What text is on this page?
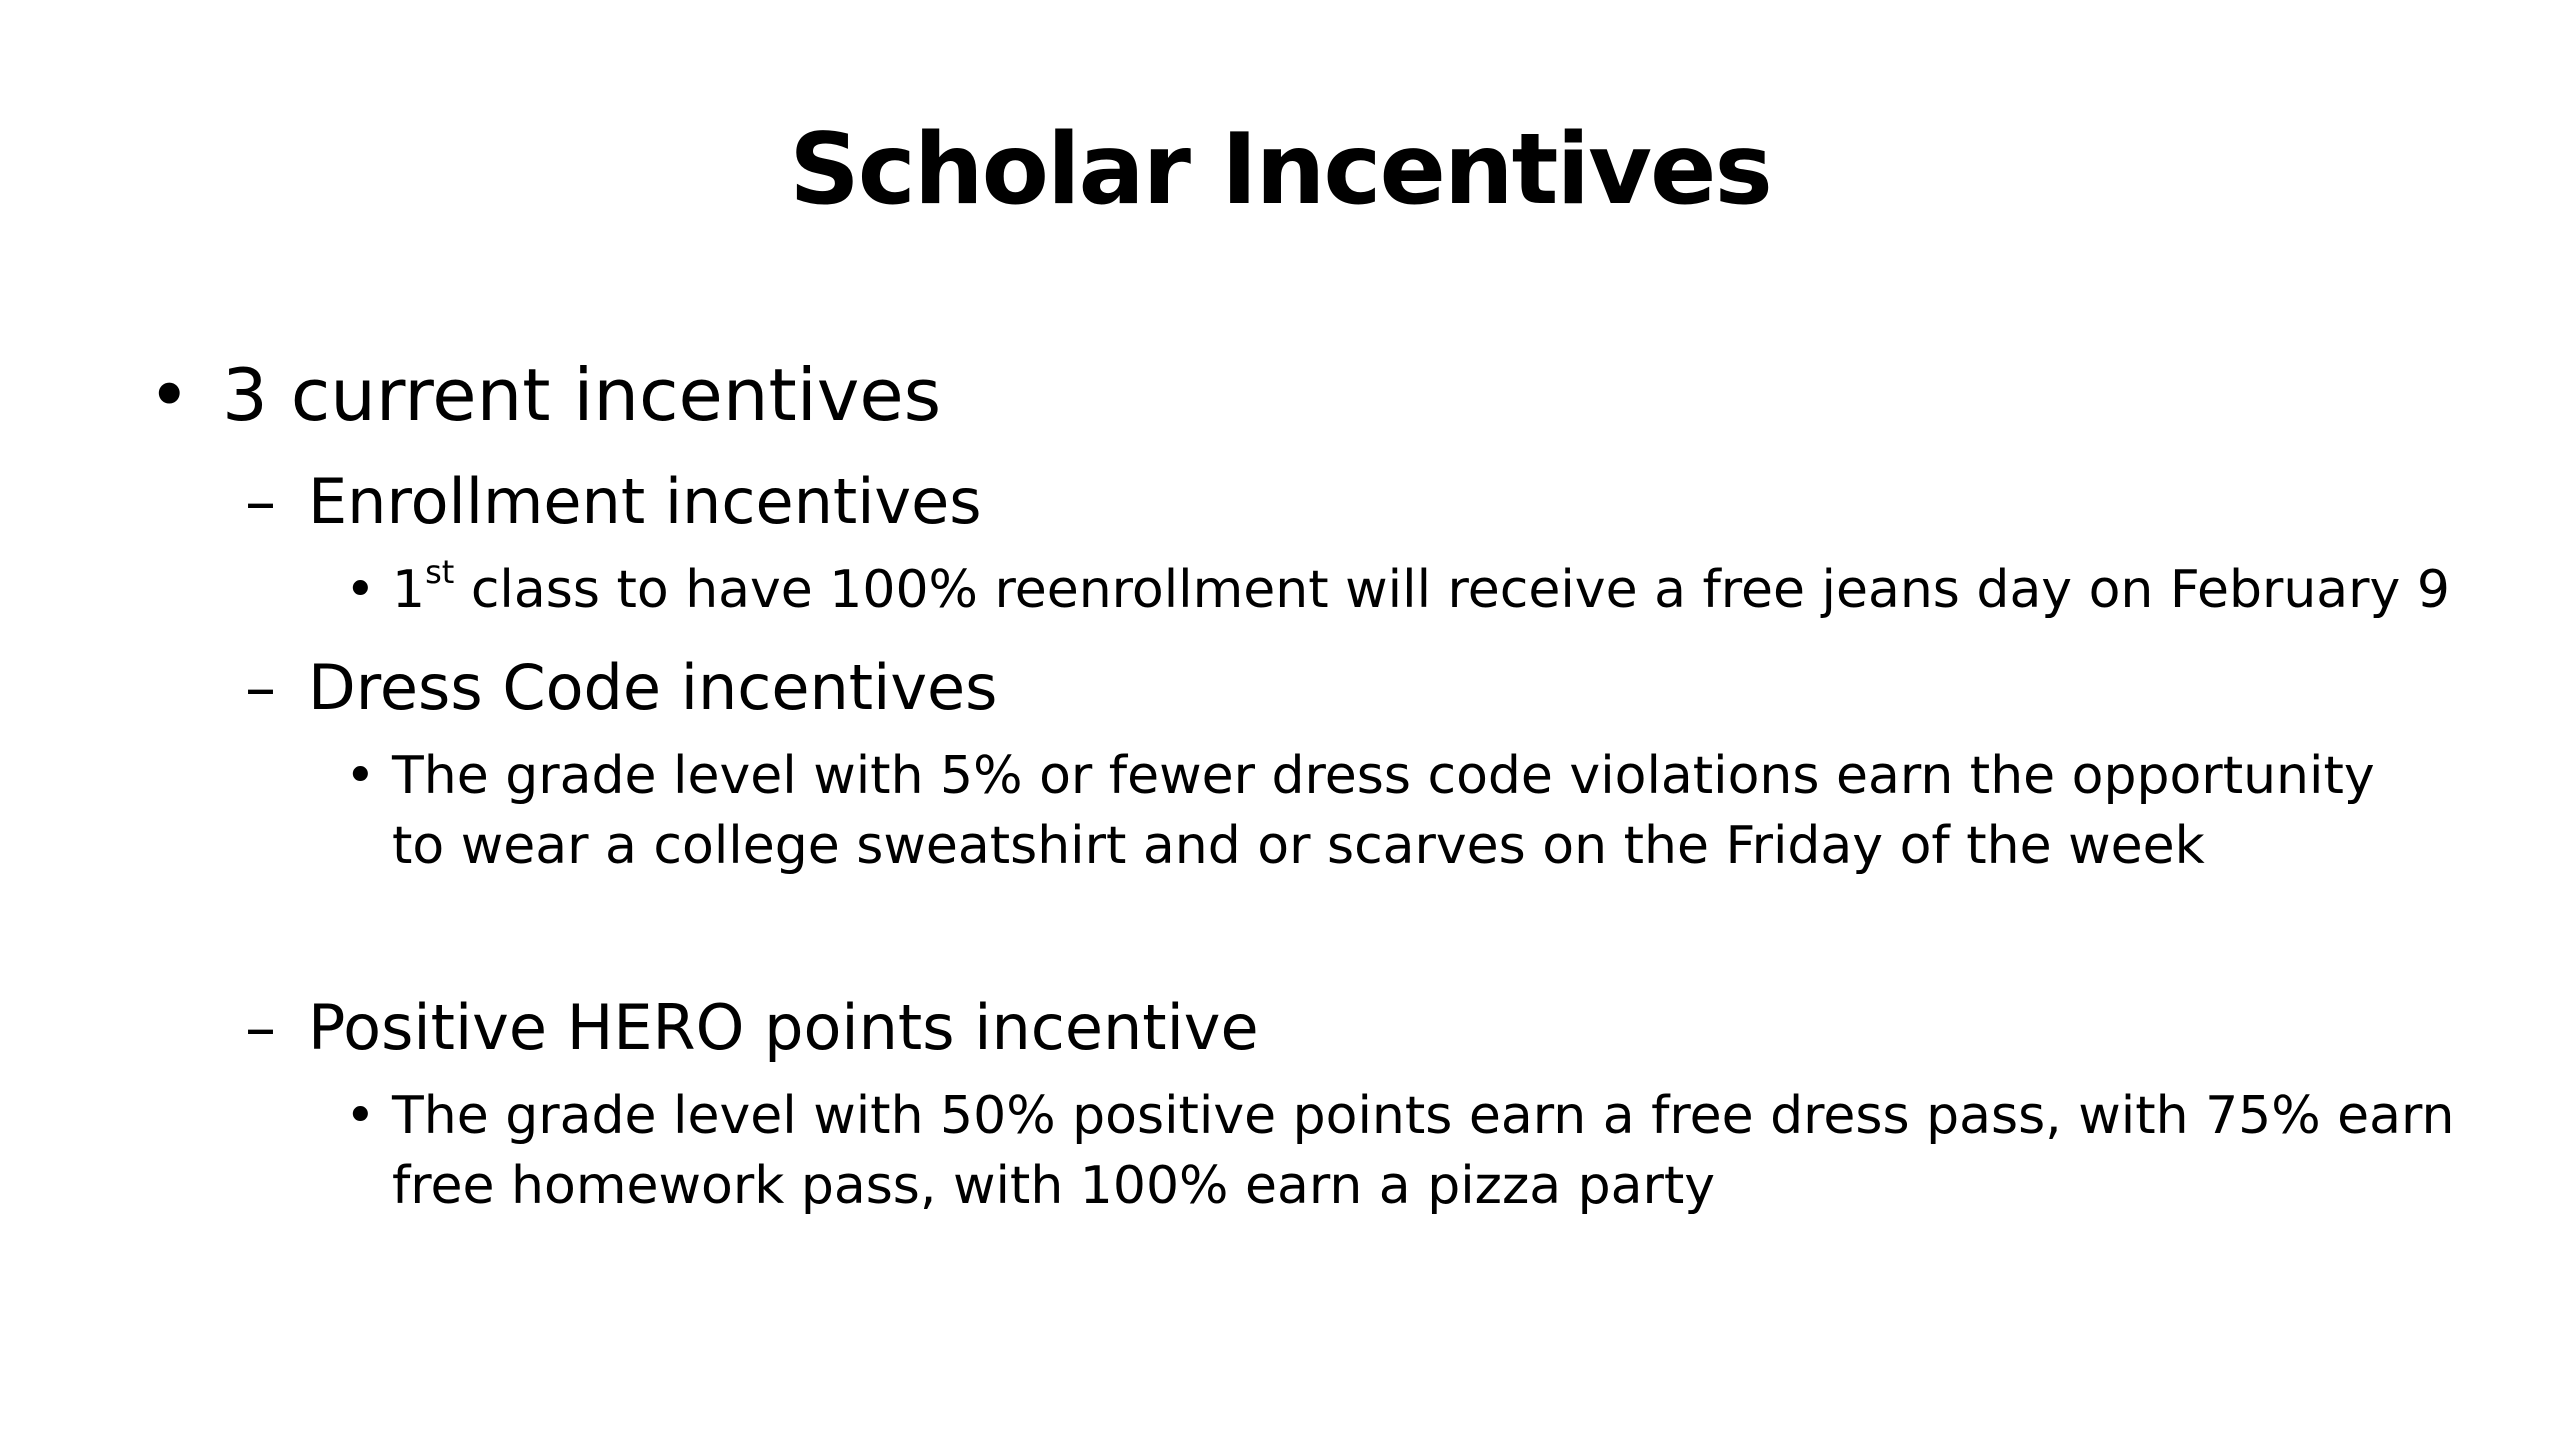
Scholar Incentives
• 3 current incentives
– Enrollment incentives
• 1st class to have 100% reenrollment will receive a free jeans day on February 9
– Dress Code incentives
• The grade level with 5% or fewer dress code violations earn the opportunity
to wear a college sweatshirt and or scarves on the Friday of the week
– Positive HERO points incentive
• The grade level with 50% positive points earn a free dress pass, with 75% earn
free homework pass, with 100% earn a pizza party
